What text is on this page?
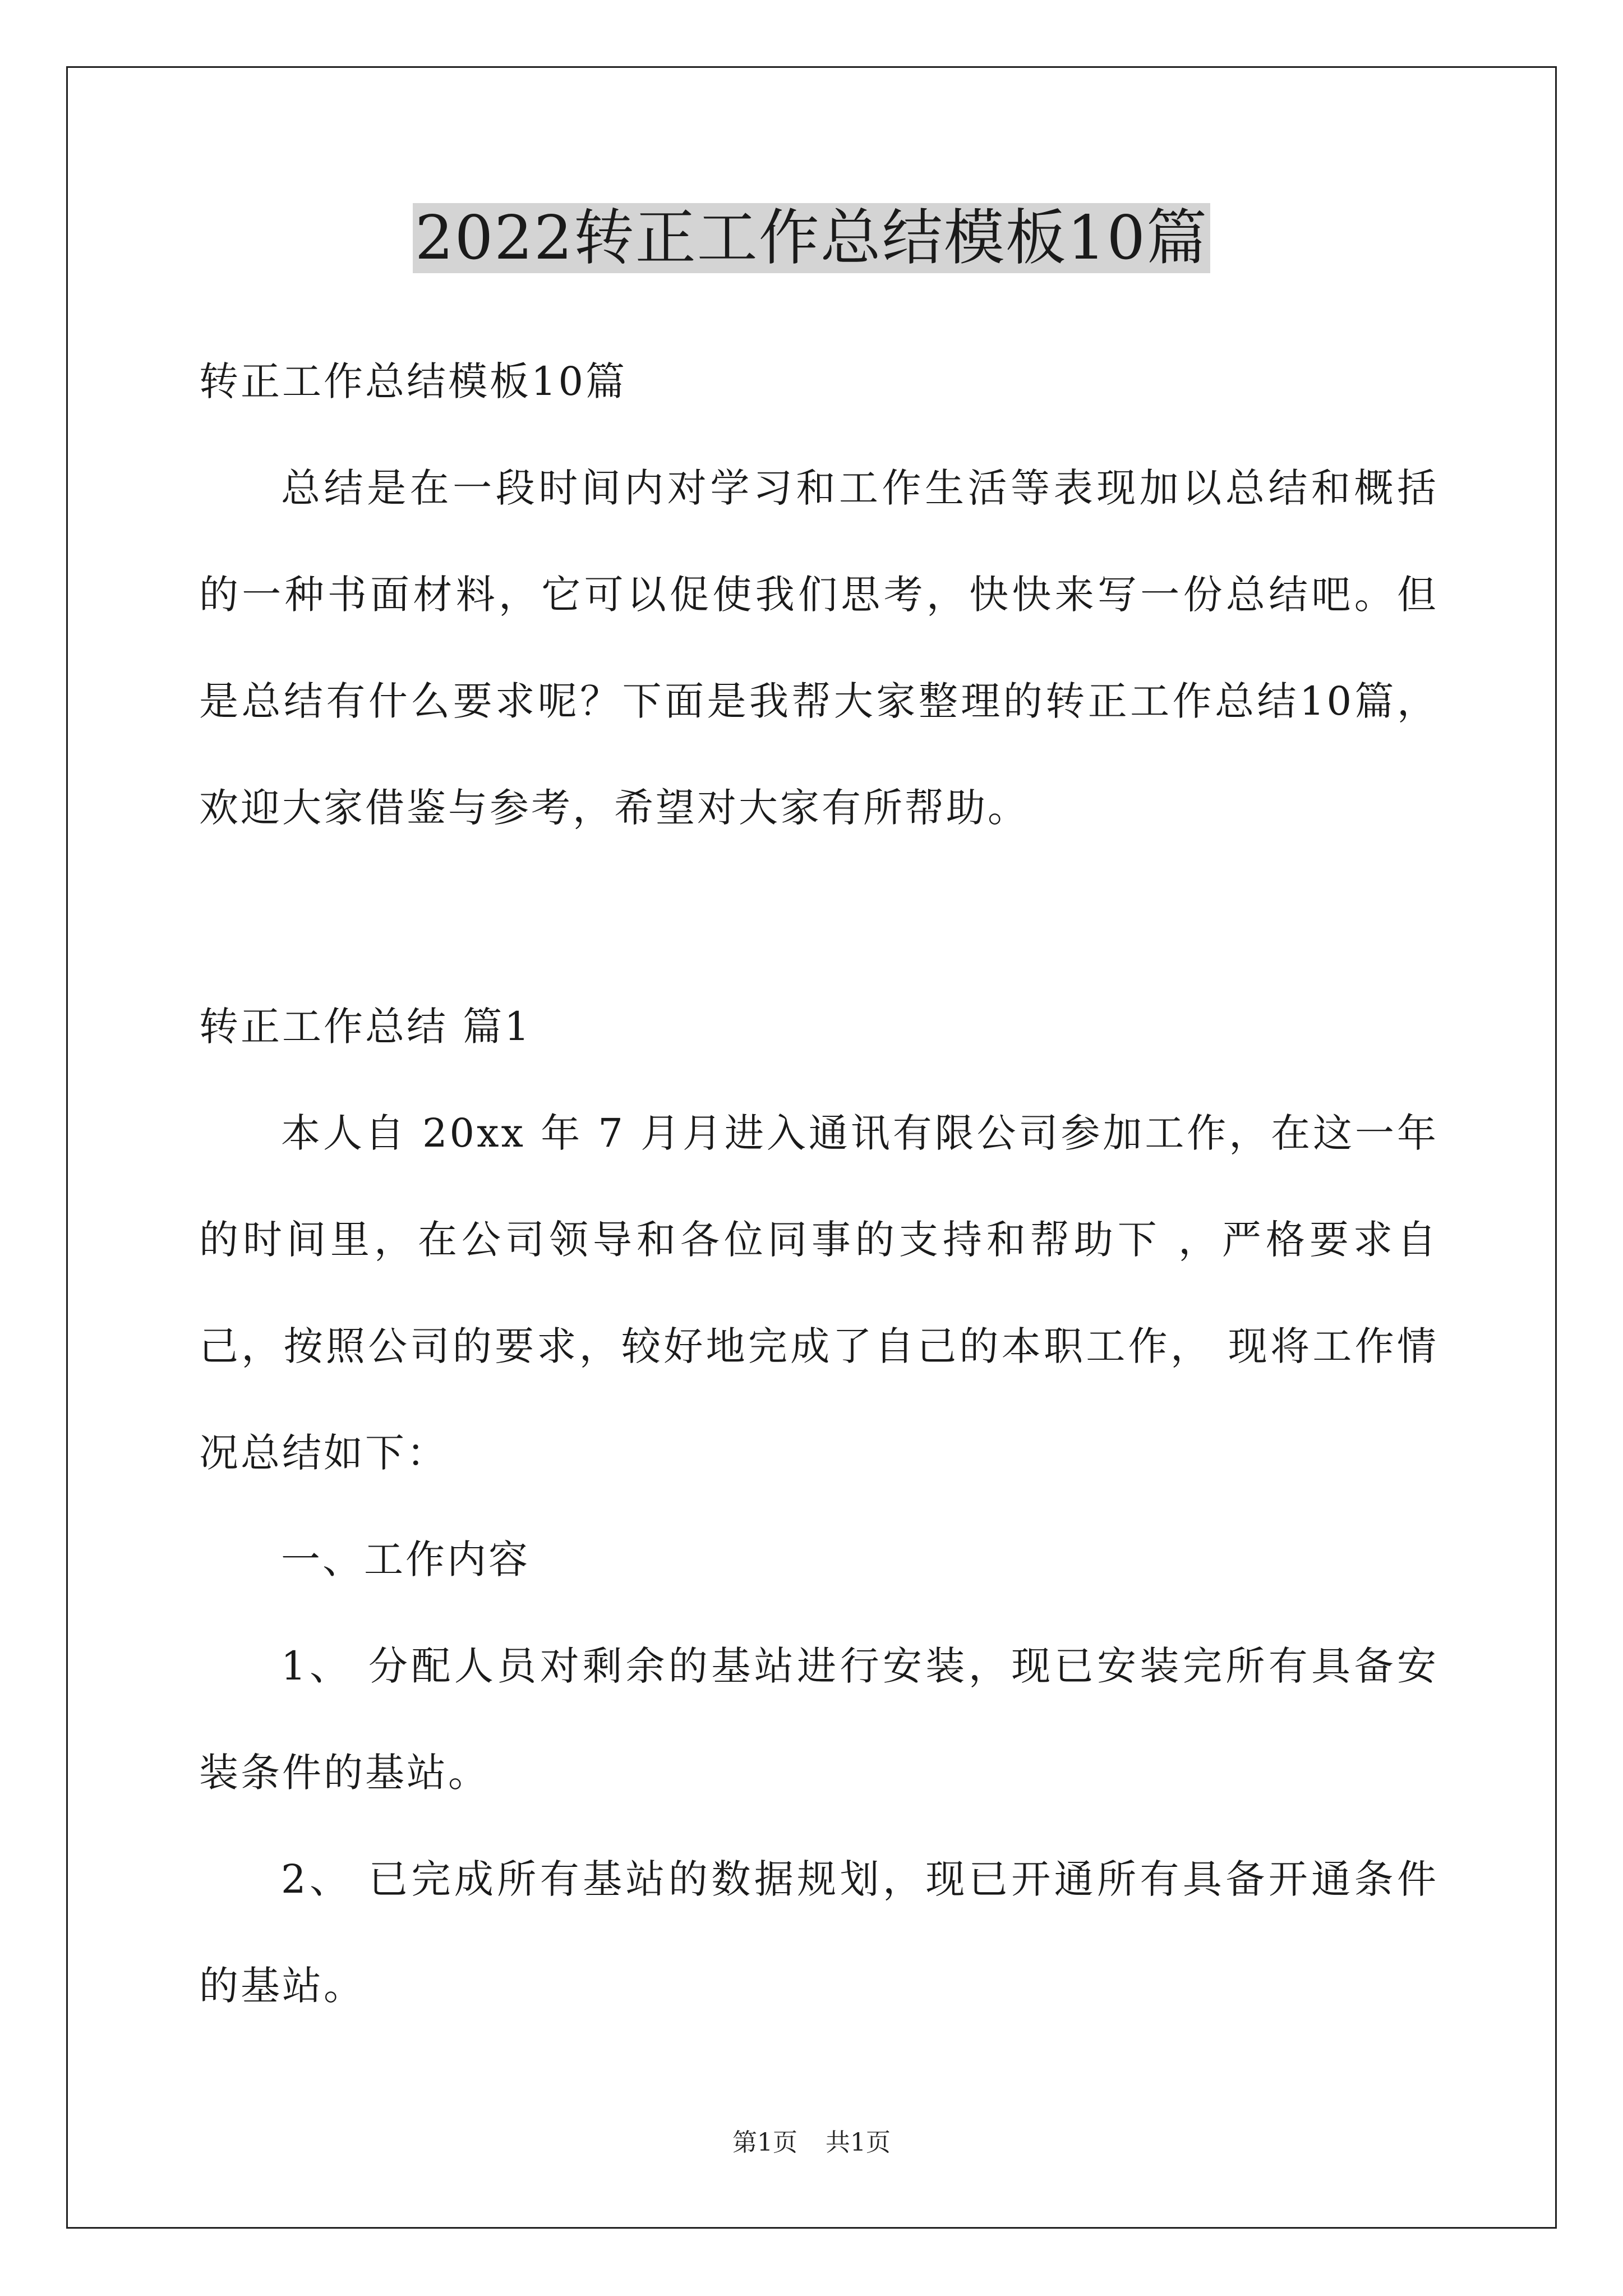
2022转正工作总结模板10篇

转正工作总结模板10篇

总结是在一段时间内对学习和工作生活等表现加以总结和概括的一种书面材料，它可以促使我们思考，快快来写一份总结吧。但是总结有什么要求呢？下面是我帮大家整理的转正工作总结10篇，欢迎大家借鉴与参考，希望对大家有所帮助。

转正工作总结 篇1

本人自 20xx 年 7 月月进入通讯有限公司参加工作，在这一年的时间里，在公司领导和各位同事的支持和帮助下 ，严格要求自己，按照公司的要求，较好地完成了自己的本职工作， 现将工作情况总结如下：

一、工作内容

1、 分配人员对剩余的基站进行安装，现已安装完所有具备安装条件的基站。

2、 已完成所有基站的数据规划，现已开通所有具备开通条件的基站。

第1页 共1页
